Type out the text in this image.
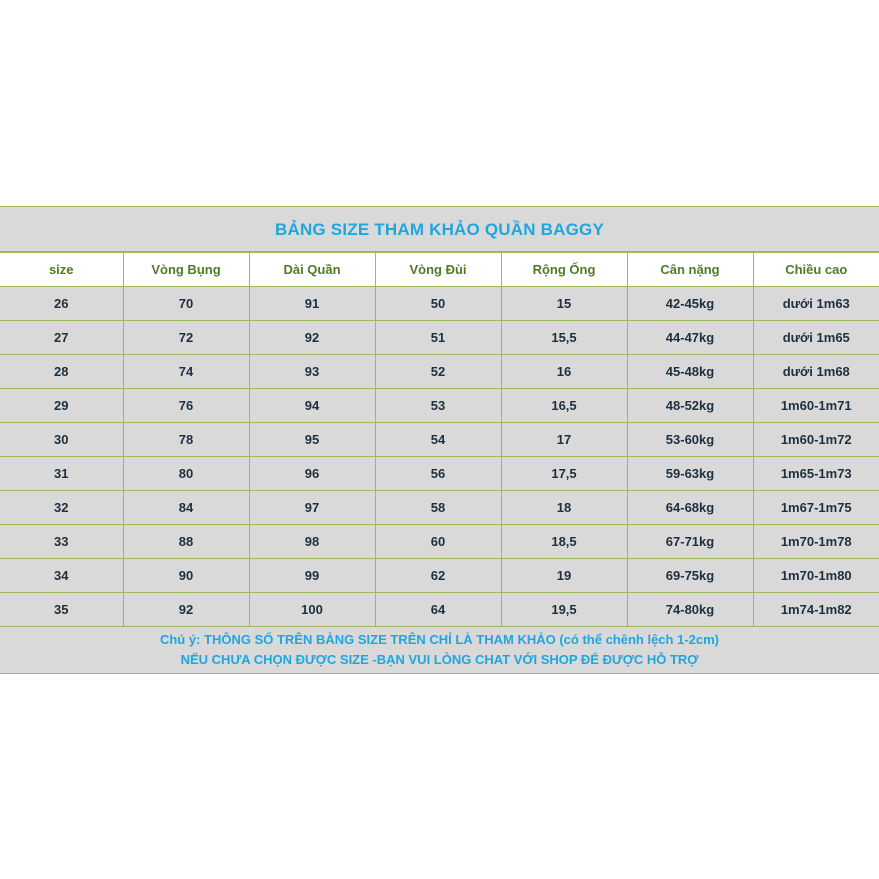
BẢNG SIZE THAM KHẢO QUẦN BAGGY
size	Vòng Bụng	Dài Quần	Vòng Đùi	Rộng Ống	Cân nặng	Chiều cao
26	70	91	50	15	42-45kg	dưới 1m63
27	72	92	51	15,5	44-47kg	dưới 1m65
28	74	93	52	16	45-48kg	dưới 1m68
29	76	94	53	16,5	48-52kg	1m60-1m71
30	78	95	54	17	53-60kg	1m60-1m72
31	80	96	56	17,5	59-63kg	1m65-1m73
32	84	97	58	18	64-68kg	1m67-1m75
33	88	98	60	18,5	67-71kg	1m70-1m78
34	90	99	62	19	69-75kg	1m70-1m80
35	92	100	64	19,5	74-80kg	1m74-1m82
Chú ý: THÔNG SỐ TRÊN BẢNG SIZE TRÊN CHỈ LÀ THAM KHẢO (có thể chênh lệch 1-2cm)
NẾU CHƯA CHỌN ĐƯỢC SIZE -BẠN VUI LÒNG CHAT VỚI SHOP ĐỂ ĐƯỢC HỖ TRỢ
